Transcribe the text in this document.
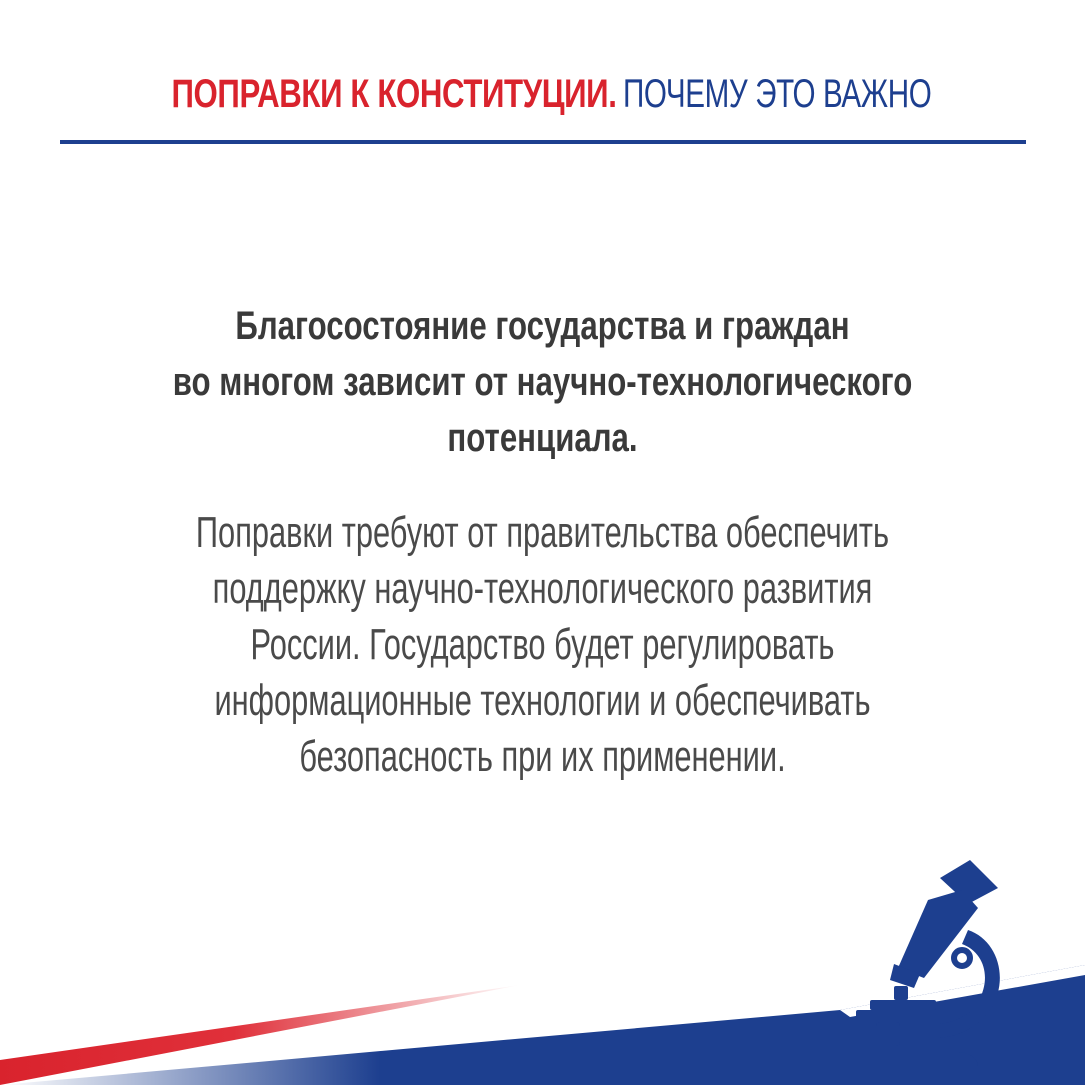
ПОПРАВКИ К КОНСТИТУЦИИ. ПОЧЕМУ ЭТО ВАЖНО
Благосостояние государства и граждан
во многом зависит от научно-технологического
потенциала.
Поправки требуют от правительства обеспечить
поддержку научно-технологического развития
России. Государство будет регулировать
информационные технологии и обеспечивать
безопасность при их применении.
